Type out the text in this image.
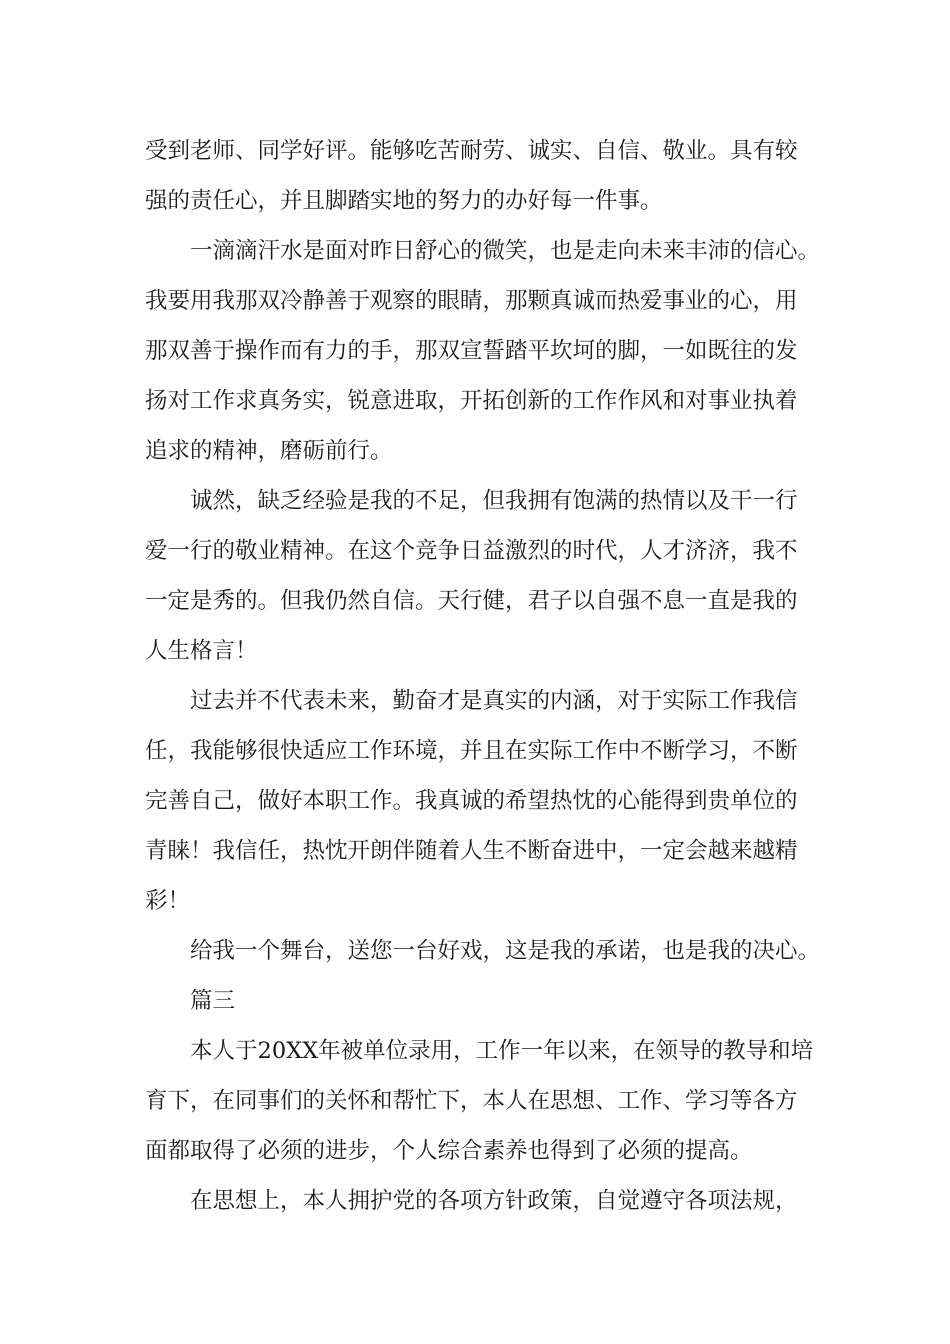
受到老师、同学好评。能够吃苦耐劳、诚实、自信、敬业。具有较
强的责任心，并且脚踏实地的努力的办好每一件事。
一滴滴汗水是面对昨日舒心的微笑，也是走向未来丰沛的信心。
我要用我那双冷静善于观察的眼睛，那颗真诚而热爱事业的心，用
那双善于操作而有力的手，那双宣誓踏平坎坷的脚，一如既往的发
扬对工作求真务实，锐意进取，开拓创新的工作作风和对事业执着
追求的精神，磨砺前行。
诚然，缺乏经验是我的不足，但我拥有饱满的热情以及干一行
爱一行的敬业精神。在这个竞争日益激烈的时代，人才济济，我不
一定是秀的。但我仍然自信。天行健，君子以自强不息一直是我的
人生格言！
过去并不代表未来，勤奋才是真实的内涵，对于实际工作我信
任，我能够很快适应工作环境，并且在实际工作中不断学习，不断
完善自己，做好本职工作。我真诚的希望热忱的心能得到贵单位的
青睐！我信任，热忱开朗伴随着人生不断奋进中，一定会越来越精
彩！
给我一个舞台，送您一台好戏，这是我的承诺，也是我的决心。
篇三
本人于20XX年被单位录用，工作一年以来，在领导的教导和培
育下，在同事们的关怀和帮忙下，本人在思想、工作、学习等各方
面都取得了必须的进步，个人综合素养也得到了必须的提高。
在思想上，本人拥护党的各项方针政策，自觉遵守各项法规，
